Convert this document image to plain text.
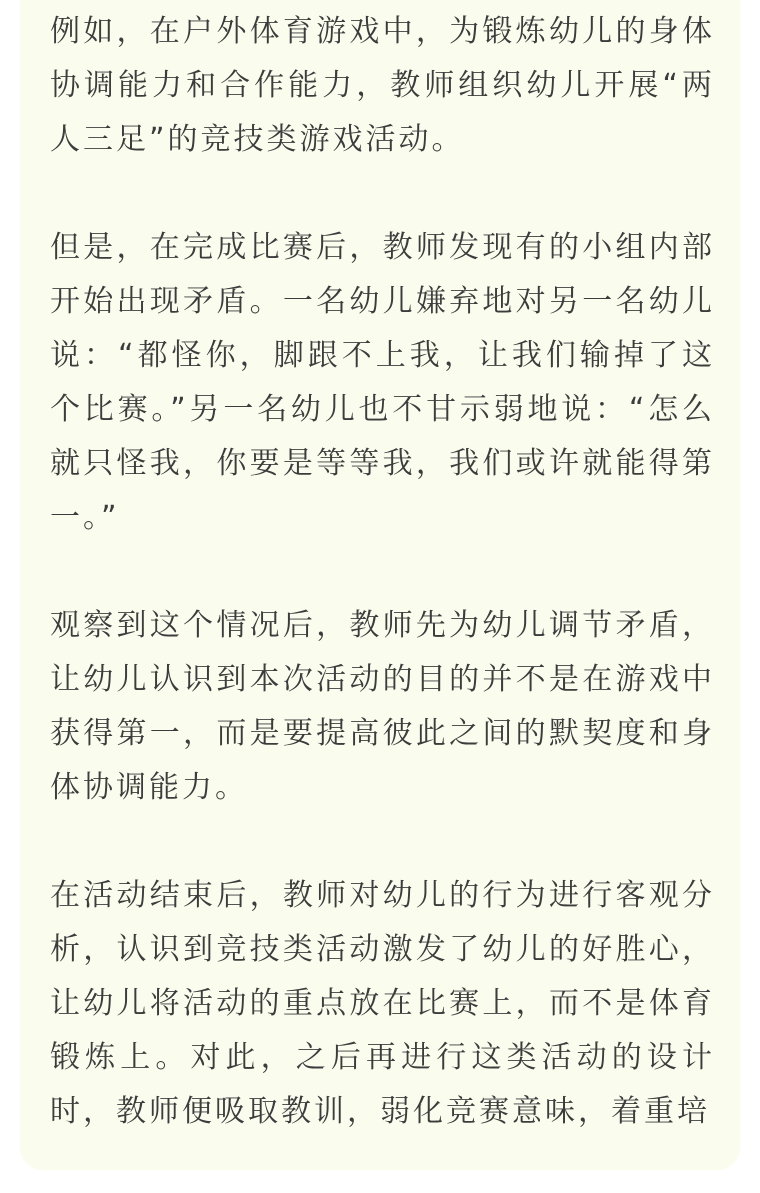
例如，在户外体育游戏中，为锻炼幼儿的身体协调能力和合作能力，教师组织幼儿开展“两人三足”的竞技类游戏活动。

但是，在完成比赛后，教师发现有的小组内部开始出现矛盾。一名幼儿嫌弃地对另一名幼儿说：“都怪你，脚跟不上我，让我们输掉了这个比赛。”另一名幼儿也不甘示弱地说：“怎么就只怪我，你要是等等我，我们或许就能得第一。”

观察到这个情况后，教师先为幼儿调节矛盾，让幼儿认识到本次活动的目的并不是在游戏中获得第一，而是要提高彼此之间的默契度和身体协调能力。

在活动结束后，教师对幼儿的行为进行客观分析，认识到竞技类活动激发了幼儿的好胜心，让幼儿将活动的重点放在比赛上，而不是体育锻炼上。对此，之后再进行这类活动的设计时，教师便吸取教训，弱化竞赛意味，着重培
